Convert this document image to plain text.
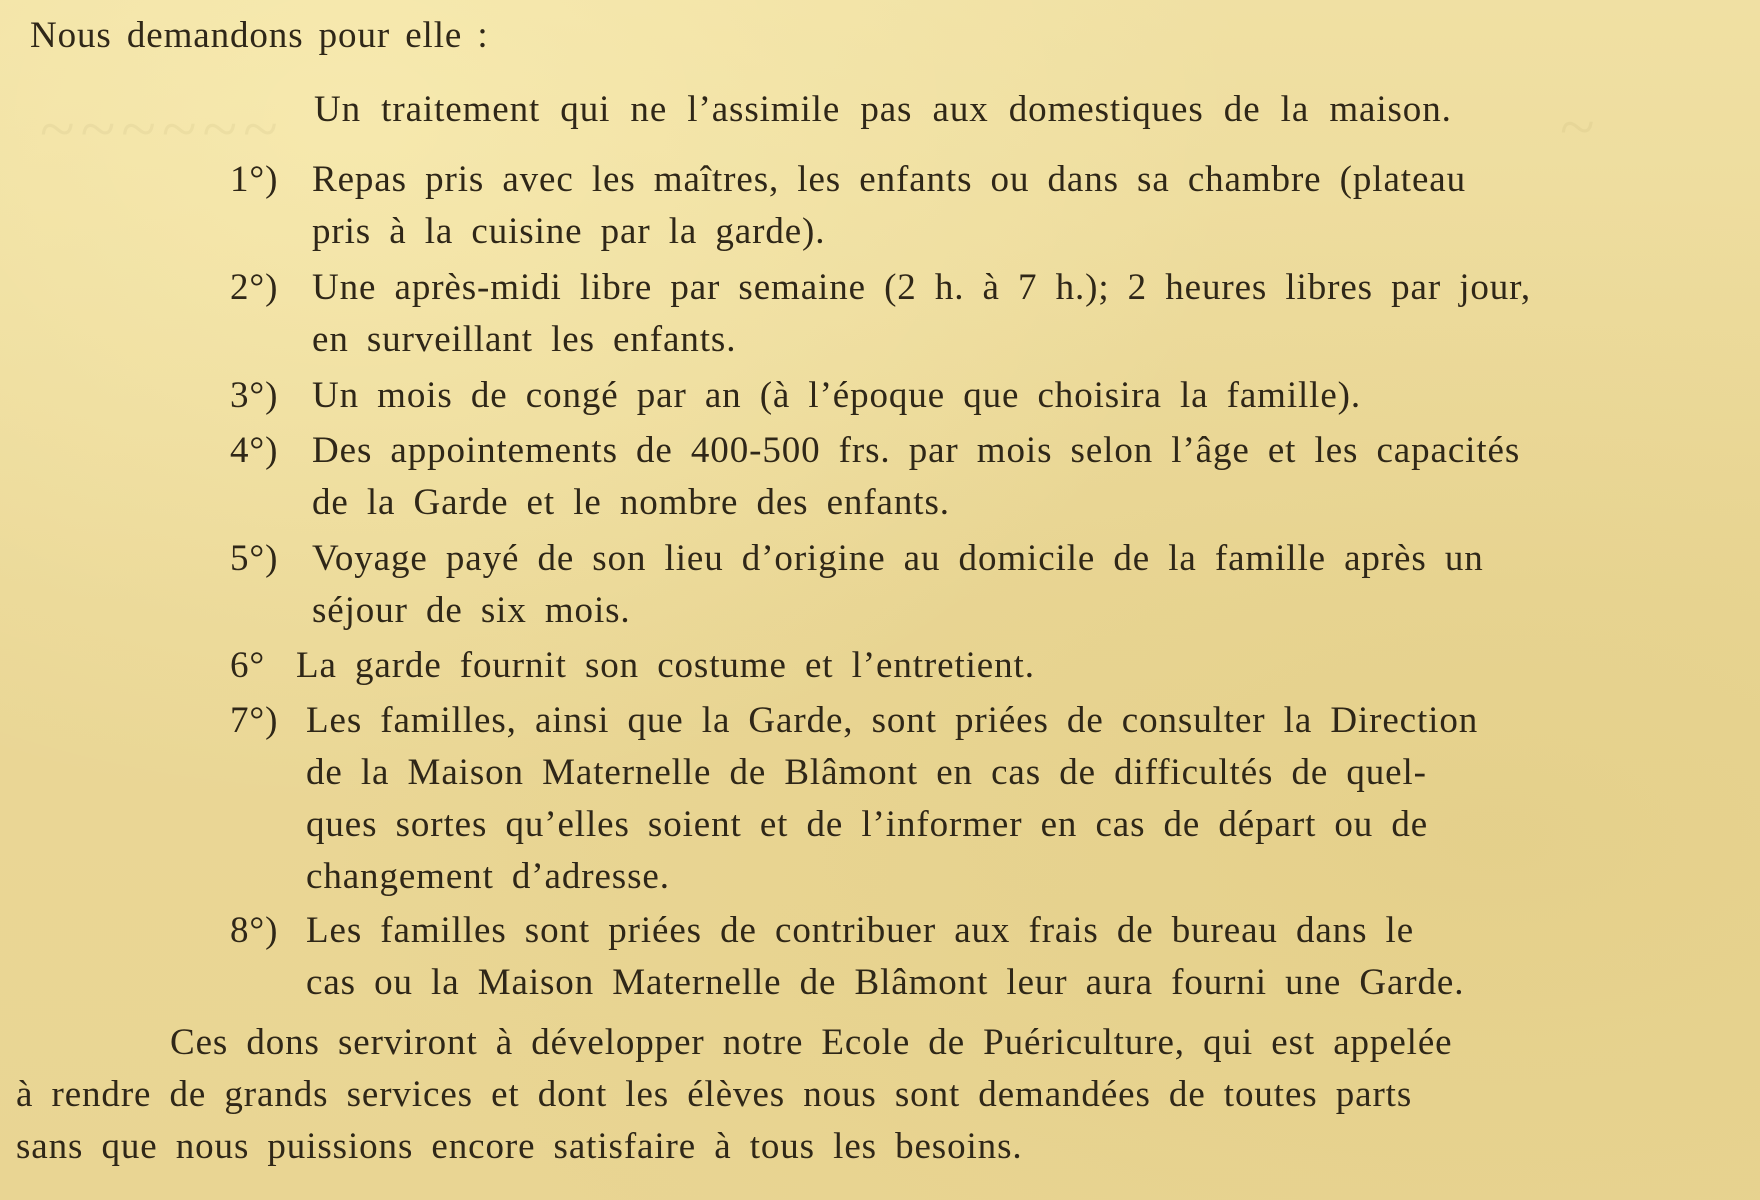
~~~~~~	~
Nous demandons pour elle :
Un traitement qui ne l’assimile pas aux domestiques de la maison.
1°) Repas pris avec les maîtres, les enfants ou dans sa chambre (plateau
pris à la cuisine par la garde).
2°) Une après-midi libre par semaine (2 h. à 7 h.); 2 heures libres par jour,
en surveillant les enfants.
3°) Un mois de congé par an (à l’époque que choisira la famille).
4°) Des appointements de 400-500 frs. par mois selon l’âge et les capacités
de la Garde et le nombre des enfants.
5°) Voyage payé de son lieu d’origine au domicile de la famille après un
séjour de six mois.
6° La garde fournit son costume et l’entretient.
7°) Les familles, ainsi que la Garde, sont priées de consulter la Direction
de la Maison Maternelle de Blâmont en cas de difficultés de quel-
ques sortes qu’elles soient et de l’informer en cas de départ ou de
changement d’adresse.
8°) Les familles sont priées de contribuer aux frais de bureau dans le
cas ou la Maison Maternelle de Blâmont leur aura fourni une Garde.
Ces dons serviront à développer notre Ecole de Puériculture, qui est appelée
à rendre de grands services et dont les élèves nous sont demandées de toutes parts
sans que nous puissions encore satisfaire à tous les besoins.
